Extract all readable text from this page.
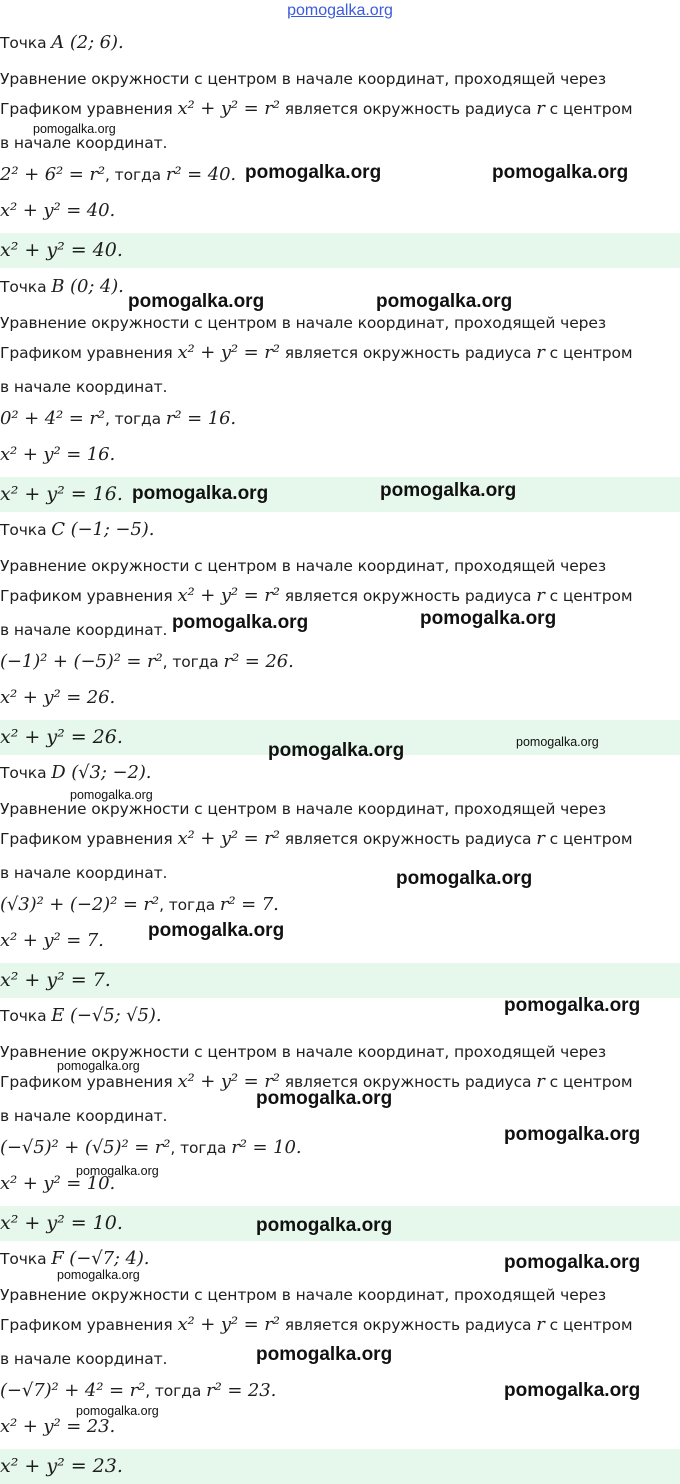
pomogalka.org
Точка A (2; 6).
Уравнение окружности с центром в начале координат, проходящей через
Графиком уравнения x² + y² = r² является окружность радиуса r с центром
в начале координат.
2² + 6² = r², тогда r² = 40.
x² + y² = 40.
x² + y² = 40.
Точка B (0; 4).
Уравнение окружности с центром в начале координат, проходящей через
Графиком уравнения x² + y² = r² является окружность радиуса r с центром
в начале координат.
0² + 4² = r², тогда r² = 16.
x² + y² = 16.
x² + y² = 16.
Точка C (−1; −5).
Уравнение окружности с центром в начале координат, проходящей через
Графиком уравнения x² + y² = r² является окружность радиуса r с центром
в начале координат.
(−1)² + (−5)² = r², тогда r² = 26.
x² + y² = 26.
x² + y² = 26.
Точка D (√3; −2).
Уравнение окружности с центром в начале координат, проходящей через
Графиком уравнения x² + y² = r² является окружность радиуса r с центром
в начале координат.
(√3)² + (−2)² = r², тогда r² = 7.
x² + y² = 7.
x² + y² = 7.
Точка E (−√5; √5).
Уравнение окружности с центром в начале координат, проходящей через
Графиком уравнения x² + y² = r² является окружность радиуса r с центром
в начале координат.
(−√5)² + (√5)² = r², тогда r² = 10.
x² + y² = 10.
x² + y² = 10.
Точка F (−√7; 4).
Уравнение окружности с центром в начале координат, проходящей через
Графиком уравнения x² + y² = r² является окружность радиуса r с центром
в начале координат.
(−√7)² + 4² = r², тогда r² = 23.
x² + y² = 23.
x² + y² = 23.
pomogalka.org
pomogalka.org	pomogalka.org
pomogalka.org	pomogalka.org
pomogalka.org	pomogalka.org
pomogalka.org	pomogalka.org
pomogalka.org	pomogalka.org
pomogalka.org
pomogalka.org
pomogalka.org
pomogalka.org
pomogalka.org
pomogalka.org
pomogalka.org
pomogalka.org
pomogalka.org
pomogalka.org
pomogalka.org
pomogalka.org
pomogalka.org
pomogalka.org
